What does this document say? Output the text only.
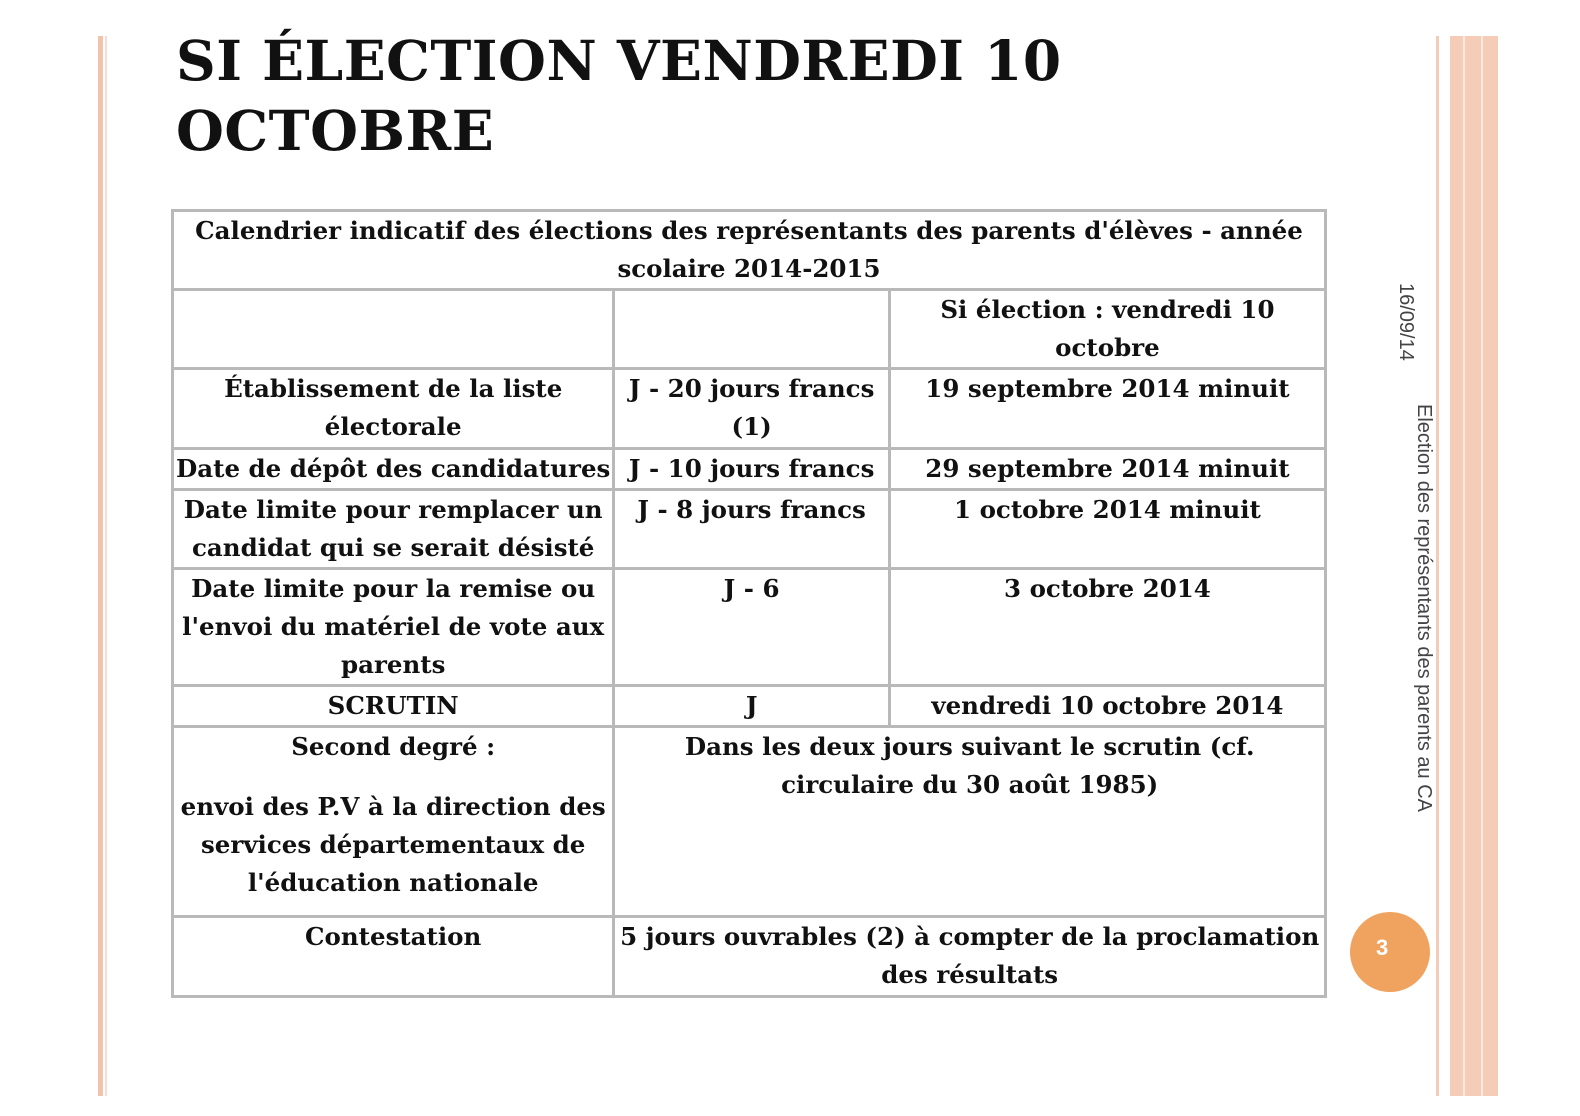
SI ÉLECTION VENDREDI 10 OCTOBRE
Calendrier indicatif des élections des représentants des parents d'élèves - année scolaire 2014-2015		
		Si élection : vendredi 10 octobre
Établissement de la liste électorale	J - 20 jours francs (1)	19 septembre 2014 minuit
Date de dépôt des candidatures	J - 10 jours francs	29 septembre 2014 minuit
Date limite pour remplacer un candidat qui se serait désisté	J - 8 jours francs	1 octobre 2014 minuit
Date limite pour la remise ou l'envoi du matériel de vote aux parents	J - 6	3 octobre 2014
SCRUTIN	J	vendredi 10 octobre 2014

Second degré :
envoi des P.V à la direction des services départementaux de l'éducation nationale	Dans les deux jours suivant le scrutin (cf. circulaire du 30 août 1985)	
Contestation	5 jours ouvrables (2) à compter de la proclamation des résultats	
16/09/14
Election des représentants des parents au CA
3
